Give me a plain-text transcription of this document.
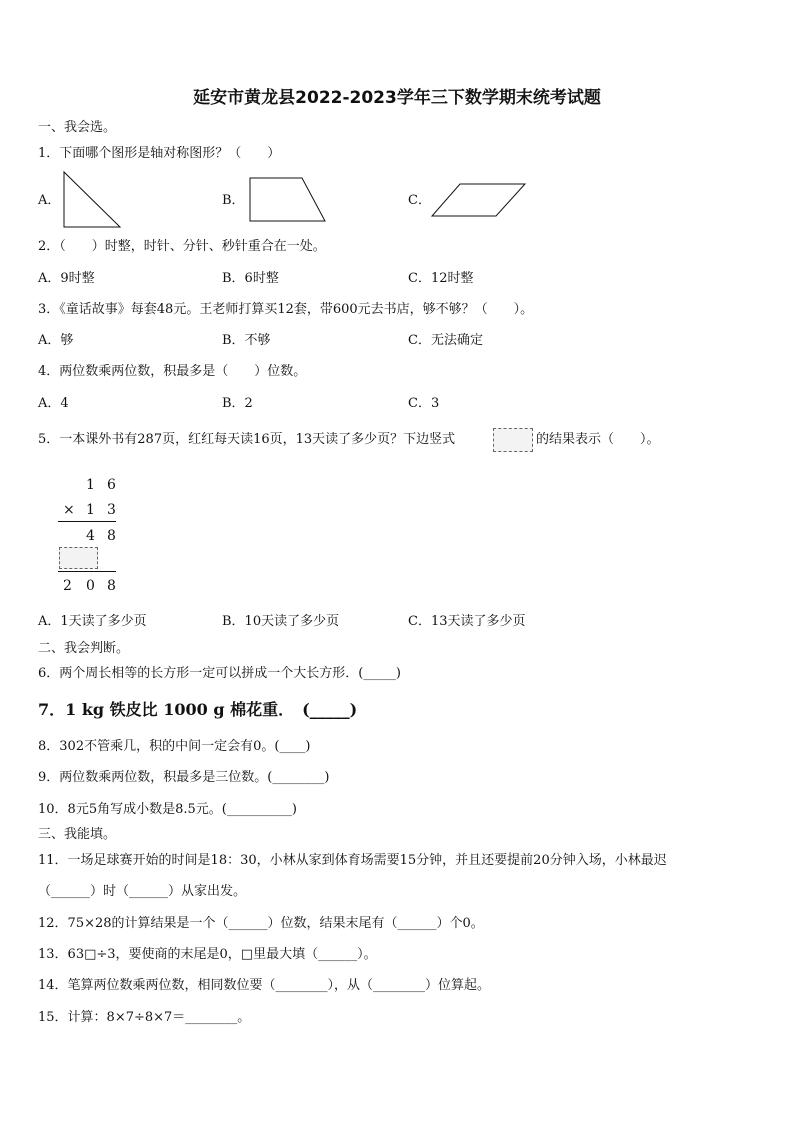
延安市黄龙县2022-2023学年三下数学期末统考试题
一、我会选。
1．下面哪个图形是轴对称图形？（　　）
A．	B．	C．
2．（　　）时整，时针、分针、秒针重合在一处。
A．9时整	B．6时整	C．12时整
3．《童话故事》每套48元。王老师打算买12套，带600元去书店，够不够？（　　）。
A．够	B．不够	C．无法确定
4．两位数乘两位数，积最多是（　　）位数。
A．4	B．2	C．3
5．一本课外书有287页，红红每天读16页，13天读了多少页？下边竖式	的结果表示（　　）。
1 6
× 1 3
4 8
2 0 8
A．1天读了多少页	B．10天读了多少页	C．13天读了多少页
二、我会判断。
6．两个周长相等的长方形一定可以拼成一个大长方形．(_____)
7．1 kg 铁皮比 1000 g 棉花重．　(_____)
8．302不管乘几，积的中间一定会有0。(____)
9．两位数乘两位数，积最多是三位数。(________)
10．8元5角写成小数是8.5元。(__________)
三、我能填。
11．一场足球赛开始的时间是18：30，小林从家到体育场需要15分钟，并且还要提前20分钟入场，小林最迟
（______）时（______）从家出发。
12．75×28的计算结果是一个（______）位数，结果末尾有（______）个0。
13．63□÷3，要使商的末尾是0，□里最大填（______）。
14．笔算两位数乘两位数，相同数位要（________），从（________）位算起。
15．计算：8×7÷8×7＝________。
